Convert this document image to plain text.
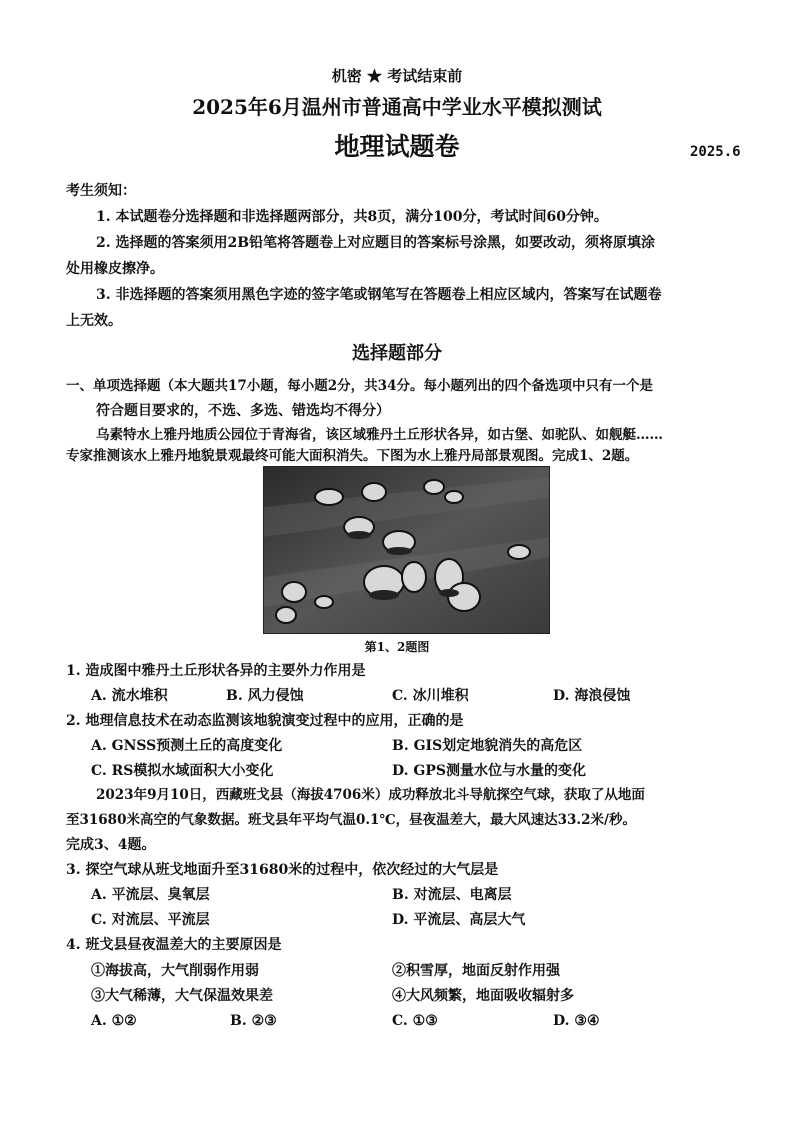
机密 ★ 考试结束前
2025年6月温州市普通高中学业水平模拟测试
地理试题卷	2025.6
考生须知：
1. 本试题卷分选择题和非选择题两部分，共8页，满分100分，考试时间60分钟。
2. 选择题的答案须用2B铅笔将答题卷上对应题目的答案标号涂黑，如要改动，须将原填涂
处用橡皮擦净。
3. 非选择题的答案须用黑色字迹的签字笔或钢笔写在答题卷上相应区域内，答案写在试题卷
上无效。
选择题部分
一、单项选择题（本大题共17小题，每小题2分，共34分。每小题列出的四个备选项中只有一个是
符合题目要求的，不选、多选、错选均不得分）
乌素特水上雅丹地质公园位于青海省，该区域雅丹土丘形状各异，如古堡、如驼队、如舰艇……
专家推测该水上雅丹地貌景观最终可能大面积消失。下图为水上雅丹局部景观图。完成1、2题。
第1、2题图
1. 造成图中雅丹土丘形状各异的主要外力作用是
A. 流水堆积	B. 风力侵蚀	C. 冰川堆积	D. 海浪侵蚀
2. 地理信息技术在动态监测该地貌演变过程中的应用，正确的是
A. GNSS预测土丘的高度变化	B. GIS划定地貌消失的高危区
C. RS模拟水域面积大小变化	D. GPS测量水位与水量的变化
2023年9月10日，西藏班戈县（海拔4706米）成功释放北斗导航探空气球，获取了从地面
至31680米高空的气象数据。班戈县年平均气温0.1℃，昼夜温差大，最大风速达33.2米/秒。
完成3、4题。
3. 探空气球从班戈地面升至31680米的过程中，依次经过的大气层是
A. 平流层、臭氧层	B. 对流层、电离层
C. 对流层、平流层	D. 平流层、高层大气
4. 班戈县昼夜温差大的主要原因是
①海拔高，大气削弱作用弱	②积雪厚，地面反射作用强
③大气稀薄，大气保温效果差	④大风频繁，地面吸收辐射多
A. ①②	B. ②③	C. ①③	D. ③④
